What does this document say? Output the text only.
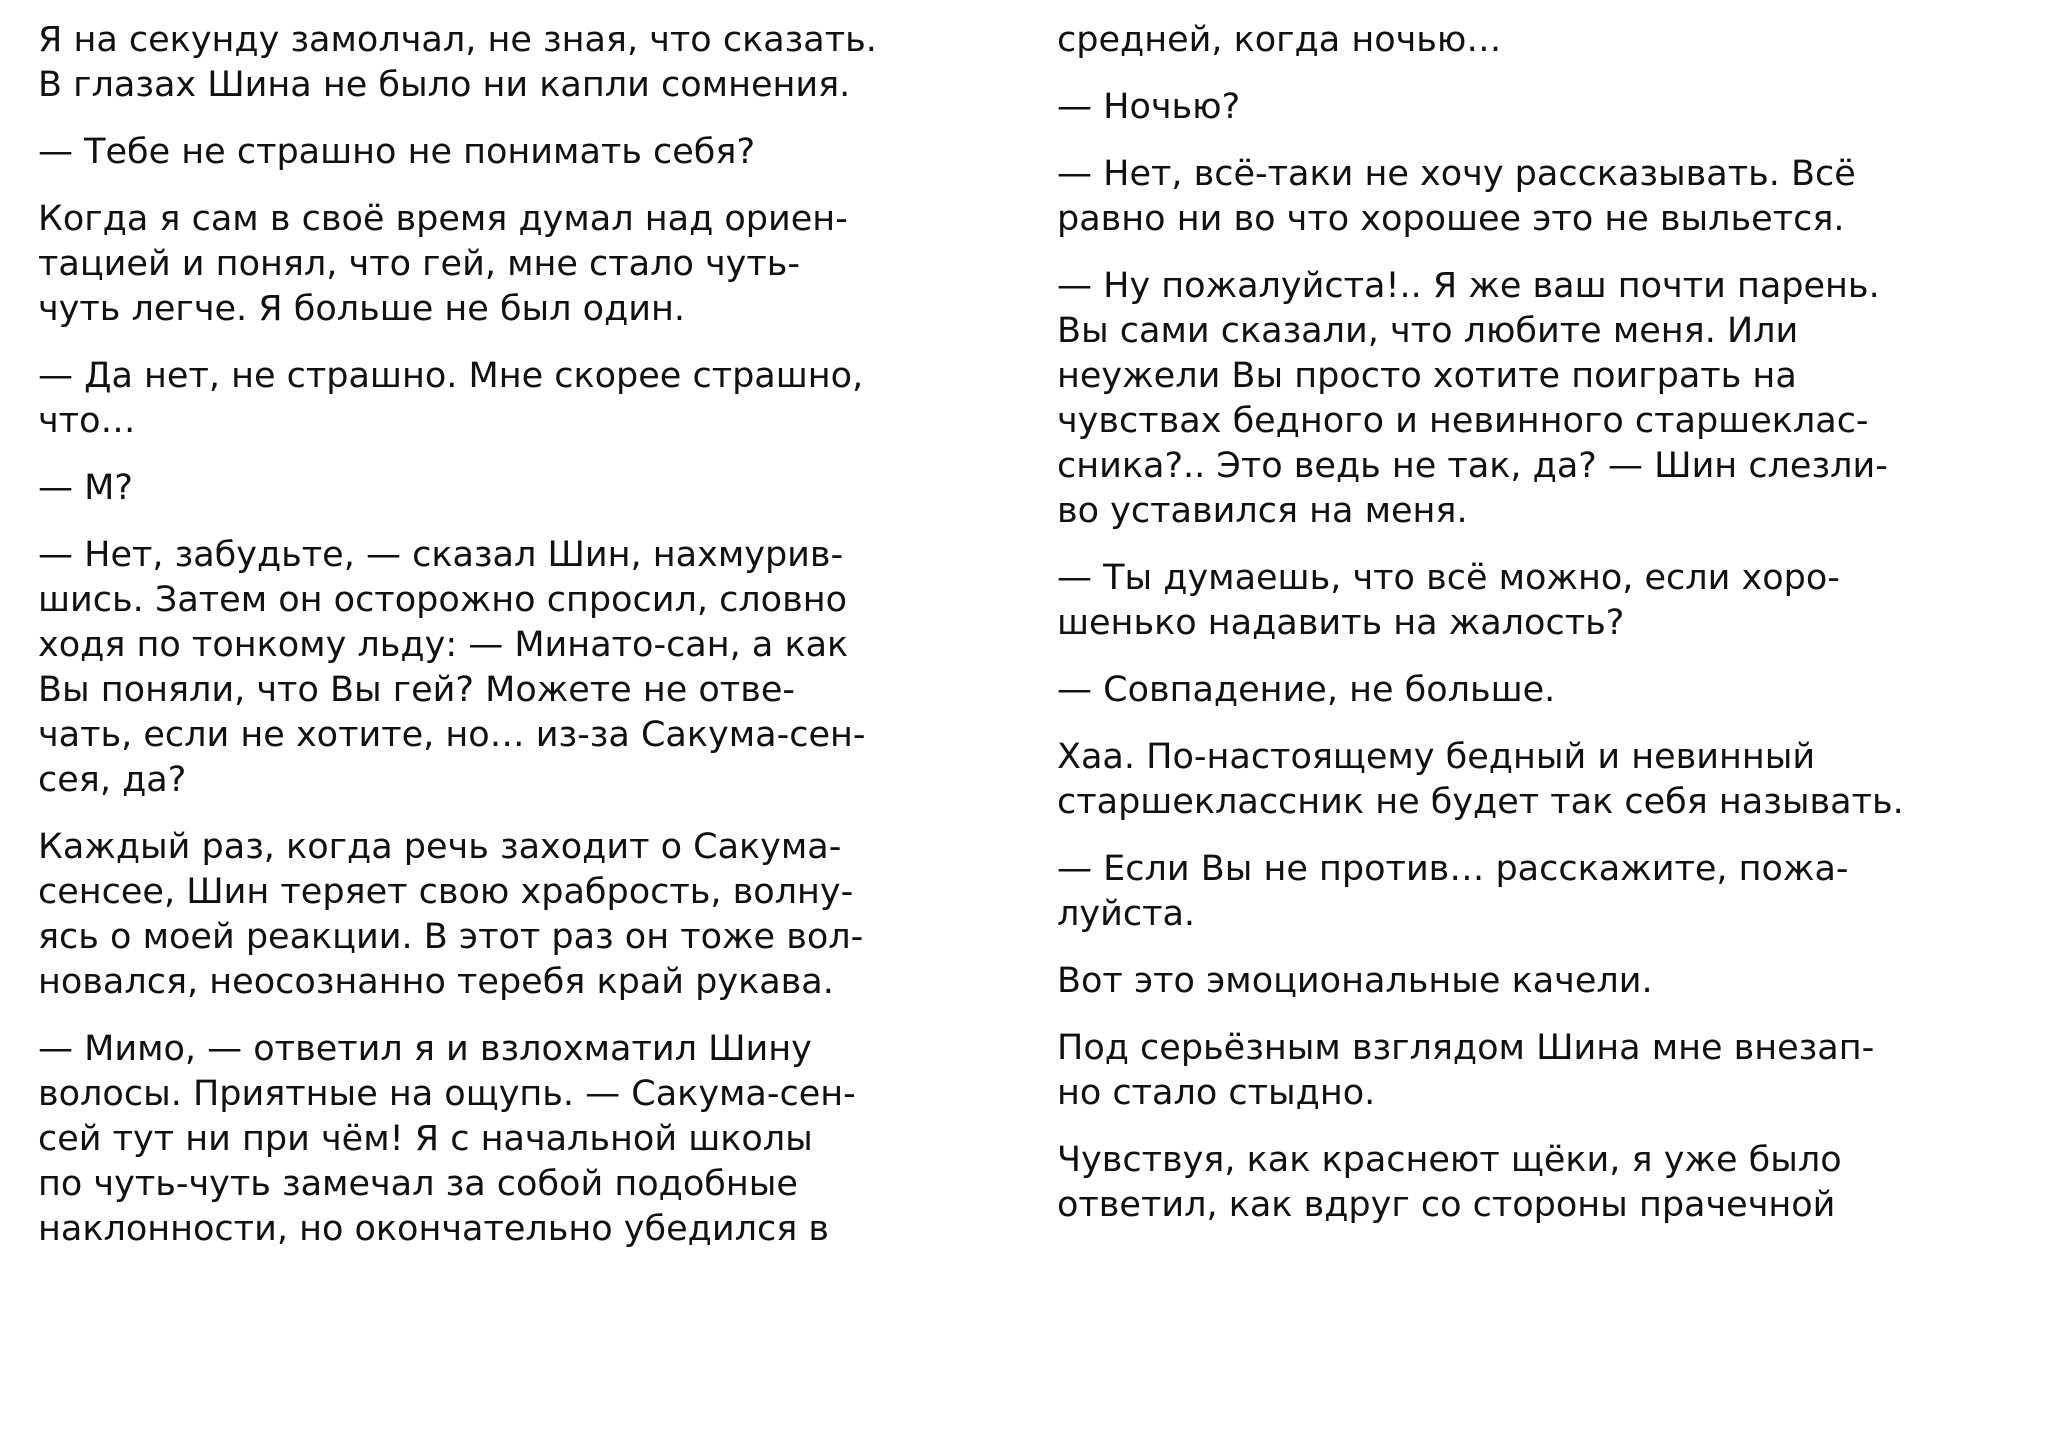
Я на секунду замолчал, не зная, что сказать.
В глазах Шина не было ни капли сомнения.
— Тебе не страшно не понимать себя?
Когда я сам в своё время думал над ориен-
тацией и понял, что гей, мне стало чуть-
чуть легче. Я больше не был один.
— Да нет, не страшно. Мне скорее страшно,
что…
— М?
— Нет, забудьте, — сказал Шин, нахмурив-
шись. Затем он осторожно спросил, словно
ходя по тонкому льду: — Минато-сан, а как
Вы поняли, что Вы гей? Можете не отве-
чать, если не хотите, но… из-за Сакума-сен-
сея, да?
Каждый раз, когда речь заходит о Сакума-
сенсее, Шин теряет свою храбрость, волну-
ясь о моей реакции. В этот раз он тоже вол-
новался, неосознанно теребя край рукава.
— Мимо, — ответил я и взлохматил Шину
волосы. Приятные на ощупь. — Сакума-сен-
сей тут ни при чём! Я с начальной школы
по чуть-чуть замечал за собой подобные
наклонности, но окончательно убедился в
средней, когда ночью…
— Ночью?
— Нет, всё-таки не хочу рассказывать. Всё
равно ни во что хорошее это не выльется.
— Ну пожалуйста!.. Я же ваш почти парень.
Вы сами сказали, что любите меня. Или
неужели Вы просто хотите поиграть на
чувствах бедного и невинного старшеклас-
сника?.. Это ведь не так, да? — Шин слезли-
во уставился на меня.
— Ты думаешь, что всё можно, если хоро-
шенько надавить на жалость?
— Совпадение, не больше.
Хаа. По-настоящему бедный и невинный
старшеклассник не будет так себя называть.
— Если Вы не против… расскажите, пожа-
луйста.
Вот это эмоциональные качели.
Под серьёзным взглядом Шина мне внезап-
но стало стыдно.
Чувствуя, как краснеют щёки, я уже было
ответил, как вдруг со стороны прачечной
